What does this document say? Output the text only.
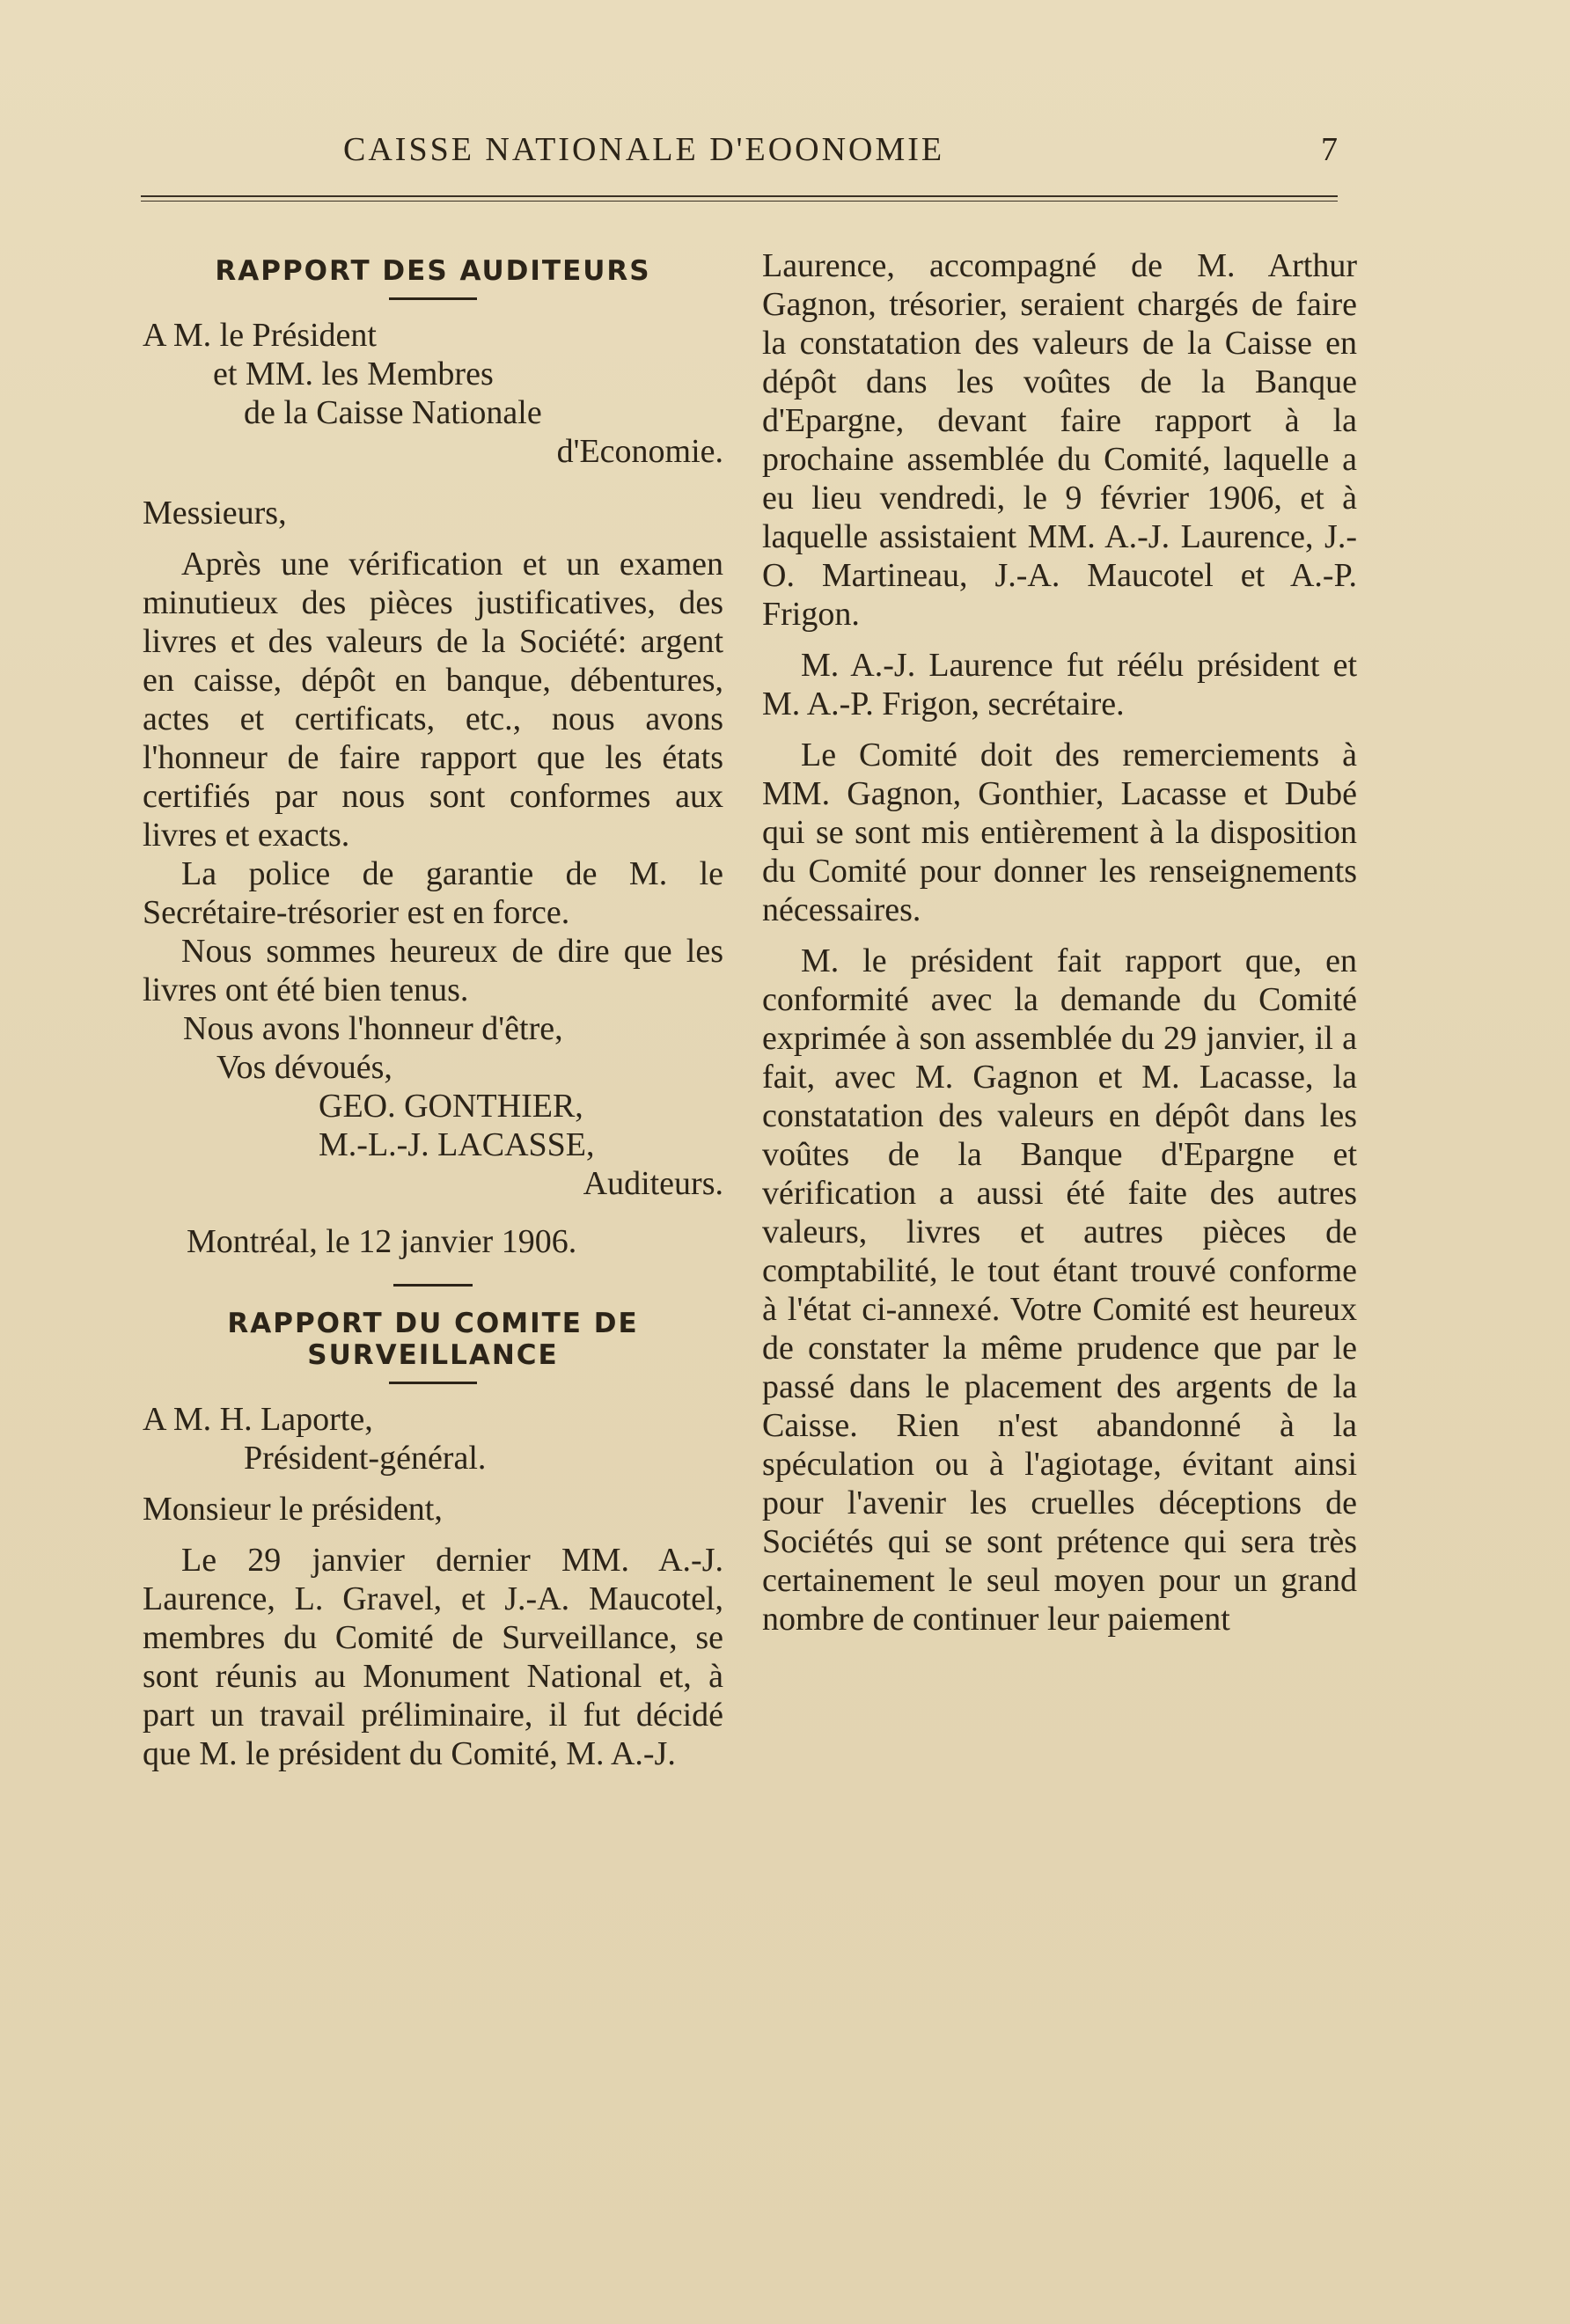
CAISSE NATIONALE D'EOONOMIE	7
RAPPORT DES AUDITEURS

A M. le Président

et MM. les Membres

de la Caisse Nationale

d'Economie.

Messieurs,

Après une vérification et un examen minutieux des pièces justificatives, des livres et des valeurs de la Société: argent en caisse, dépôt en banque, débentures, actes et certificats, etc., nous avons l'honneur de faire rapport que les états certifiés par nous sont conformes aux livres et exacts.

La police de garantie de M. le Secrétaire-trésorier est en force.

Nous sommes heureux de dire que les livres ont été bien tenus.

Nous avons l'honneur d'être,

Vos dévoués,

GEO. GONTHIER,

M.-L.-J. LACASSE,

Auditeurs.

Montréal, le 12 janvier 1906.

RAPPORT DU COMITE DE SURVEILLANCE

A M. H. Laporte,

Président-général.

Monsieur le président,

Le 29 janvier dernier MM. A.-J. Laurence, L. Gravel, et J.-A. Maucotel, membres du Comité de Surveillance, se sont réunis au Monument National et, à part un travail préliminaire, il fut décidé que M. le président du Comité, M. A.-J.

Laurence, accompagné de M. Arthur Gagnon, trésorier, seraient chargés de faire la constatation des valeurs de la Caisse en dépôt dans les voûtes de la Banque d'Epargne, devant faire rapport à la prochaine assemblée du Comité, laquelle a eu lieu vendredi, le 9 février 1906, et à laquelle assistaient MM. A.-J. Laurence, J.-O. Martineau, J.-A. Maucotel et A.-P. Frigon.

M. A.-J. Laurence fut réélu président et M. A.-P. Frigon, secrétaire.

Le Comité doit des remerciements à MM. Gagnon, Gonthier, Lacasse et Dubé qui se sont mis entièrement à la disposition du Comité pour donner les renseignements nécessaires.

M. le président fait rapport que, en conformité avec la demande du Comité exprimée à son assemblée du 29 janvier, il a fait, avec M. Gagnon et M. Lacasse, la constatation des valeurs en dépôt dans les voûtes de la Banque d'Epargne et vérification a aussi été faite des autres valeurs, livres et autres pièces de comptabilité, le tout étant trouvé conforme à l'état ci-annexé. Votre Comité est heureux de constater la même prudence que par le passé dans le placement des argents de la Caisse. Rien n'est abandonné à la spéculation ou à l'agiotage, évitant ainsi pour l'avenir les cruelles déceptions de Sociétés qui se sont prétence qui sera très certainement le seul moyen pour un grand nombre de continuer leur paiement
